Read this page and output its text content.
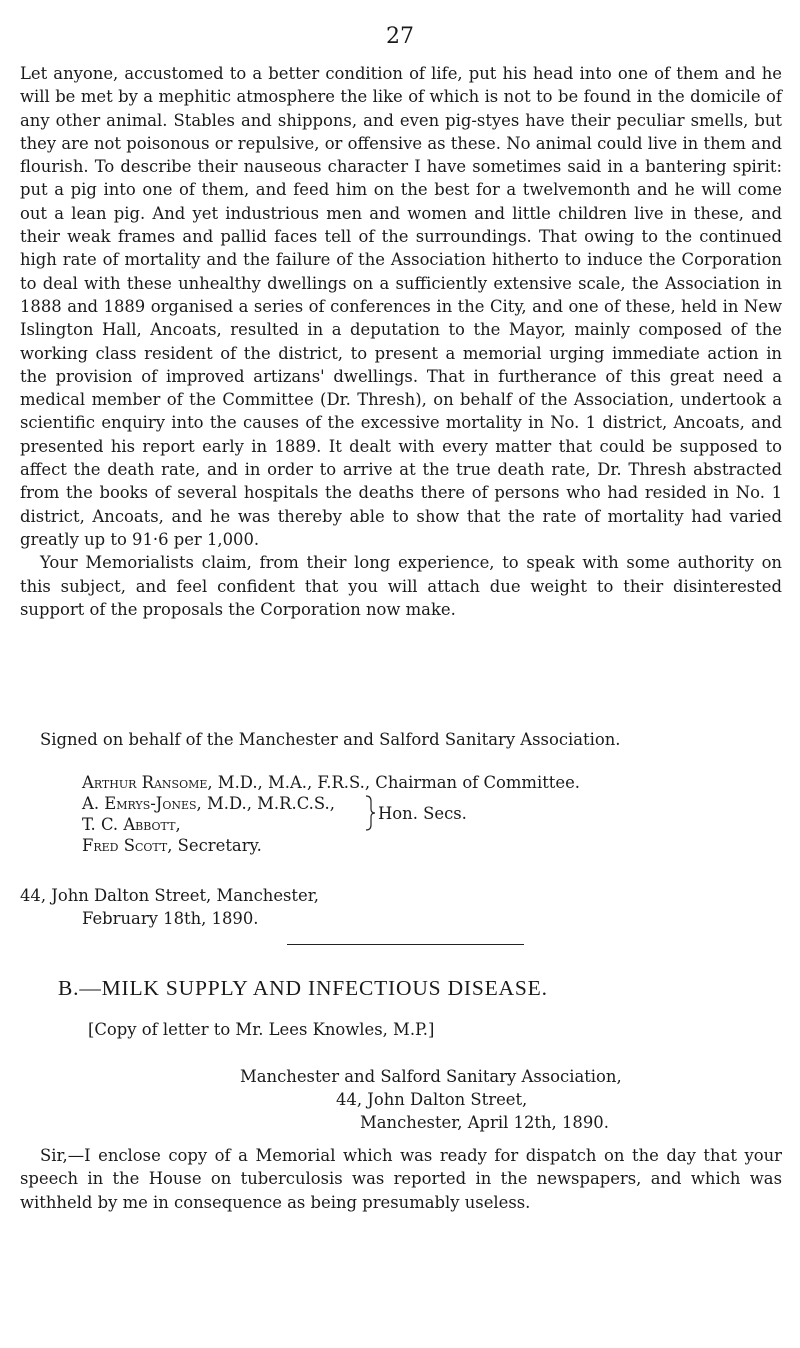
27

Let anyone, accustomed to a better condition of life, put his head into one of them and he will be met by a mephitic atmosphere the like of which is not to be found in the domicile of any other animal. Stables and shippons, and even pig-styes have their peculiar smells, but they are not poisonous or repulsive, or offensive as these. No animal could live in them and flourish. To describe their nauseous character I have sometimes said in a bantering spirit: put a pig into one of them, and feed him on the best for a twelvemonth and he will come out a lean pig. And yet industrious men and women and little children live in these, and their weak frames and pallid faces tell of the surroundings. That owing to the continued high rate of mortality and the failure of the Association hitherto to induce the Corporation to deal with these unhealthy dwellings on a sufficiently extensive scale, the Association in 1888 and 1889 organised a series of conferences in the City, and one of these, held in New Islington Hall, Ancoats, resulted in a deputation to the Mayor, mainly composed of the working class resident of the district, to present a memorial urging immediate action in the provision of improved artizans' dwellings. That in furtherance of this great need a medical member of the Committee (Dr. Thresh), on behalf of the Association, undertook a scientific enquiry into the causes of the excessive mortality in No. 1 district, Ancoats, and presented his report early in 1889. It dealt with every matter that could be supposed to affect the death rate, and in order to arrive at the true death rate, Dr. Thresh abstracted from the books of several hospitals the deaths there of persons who had resided in No. 1 district, Ancoats, and he was thereby able to show that the rate of mortality had varied greatly up to 91·6 per 1,000.

Your Memorialists claim, from their long experience, to speak with some authority on this subject, and feel confident that you will attach due weight to their disinterested support of the proposals the Corporation now make.

Signed on behalf of the Manchester and Salford Sanitary Association.
Arthur Ransome, M.D., M.A., F.R.S., Chairman of Committee.
A. Emrys-Jones, M.D., M.R.C.S.,
T. C. Abbott,
Hon. Secs.
Fred Scott, Secretary.
44, John Dalton Street, Manchester,
February 18th, 1890.
B.—MILK SUPPLY AND INFECTIOUS DISEASE.
[Copy of letter to Mr. Lees Knowles, M.P.]
Manchester and Salford Sanitary Association,
44, John Dalton Street,
Manchester, April 12th, 1890.

Sir,—I enclose copy of a Memorial which was ready for dispatch on the day that your speech in the House on tuberculosis was reported in the newspapers, and which was withheld by me in consequence as being presumably useless.
